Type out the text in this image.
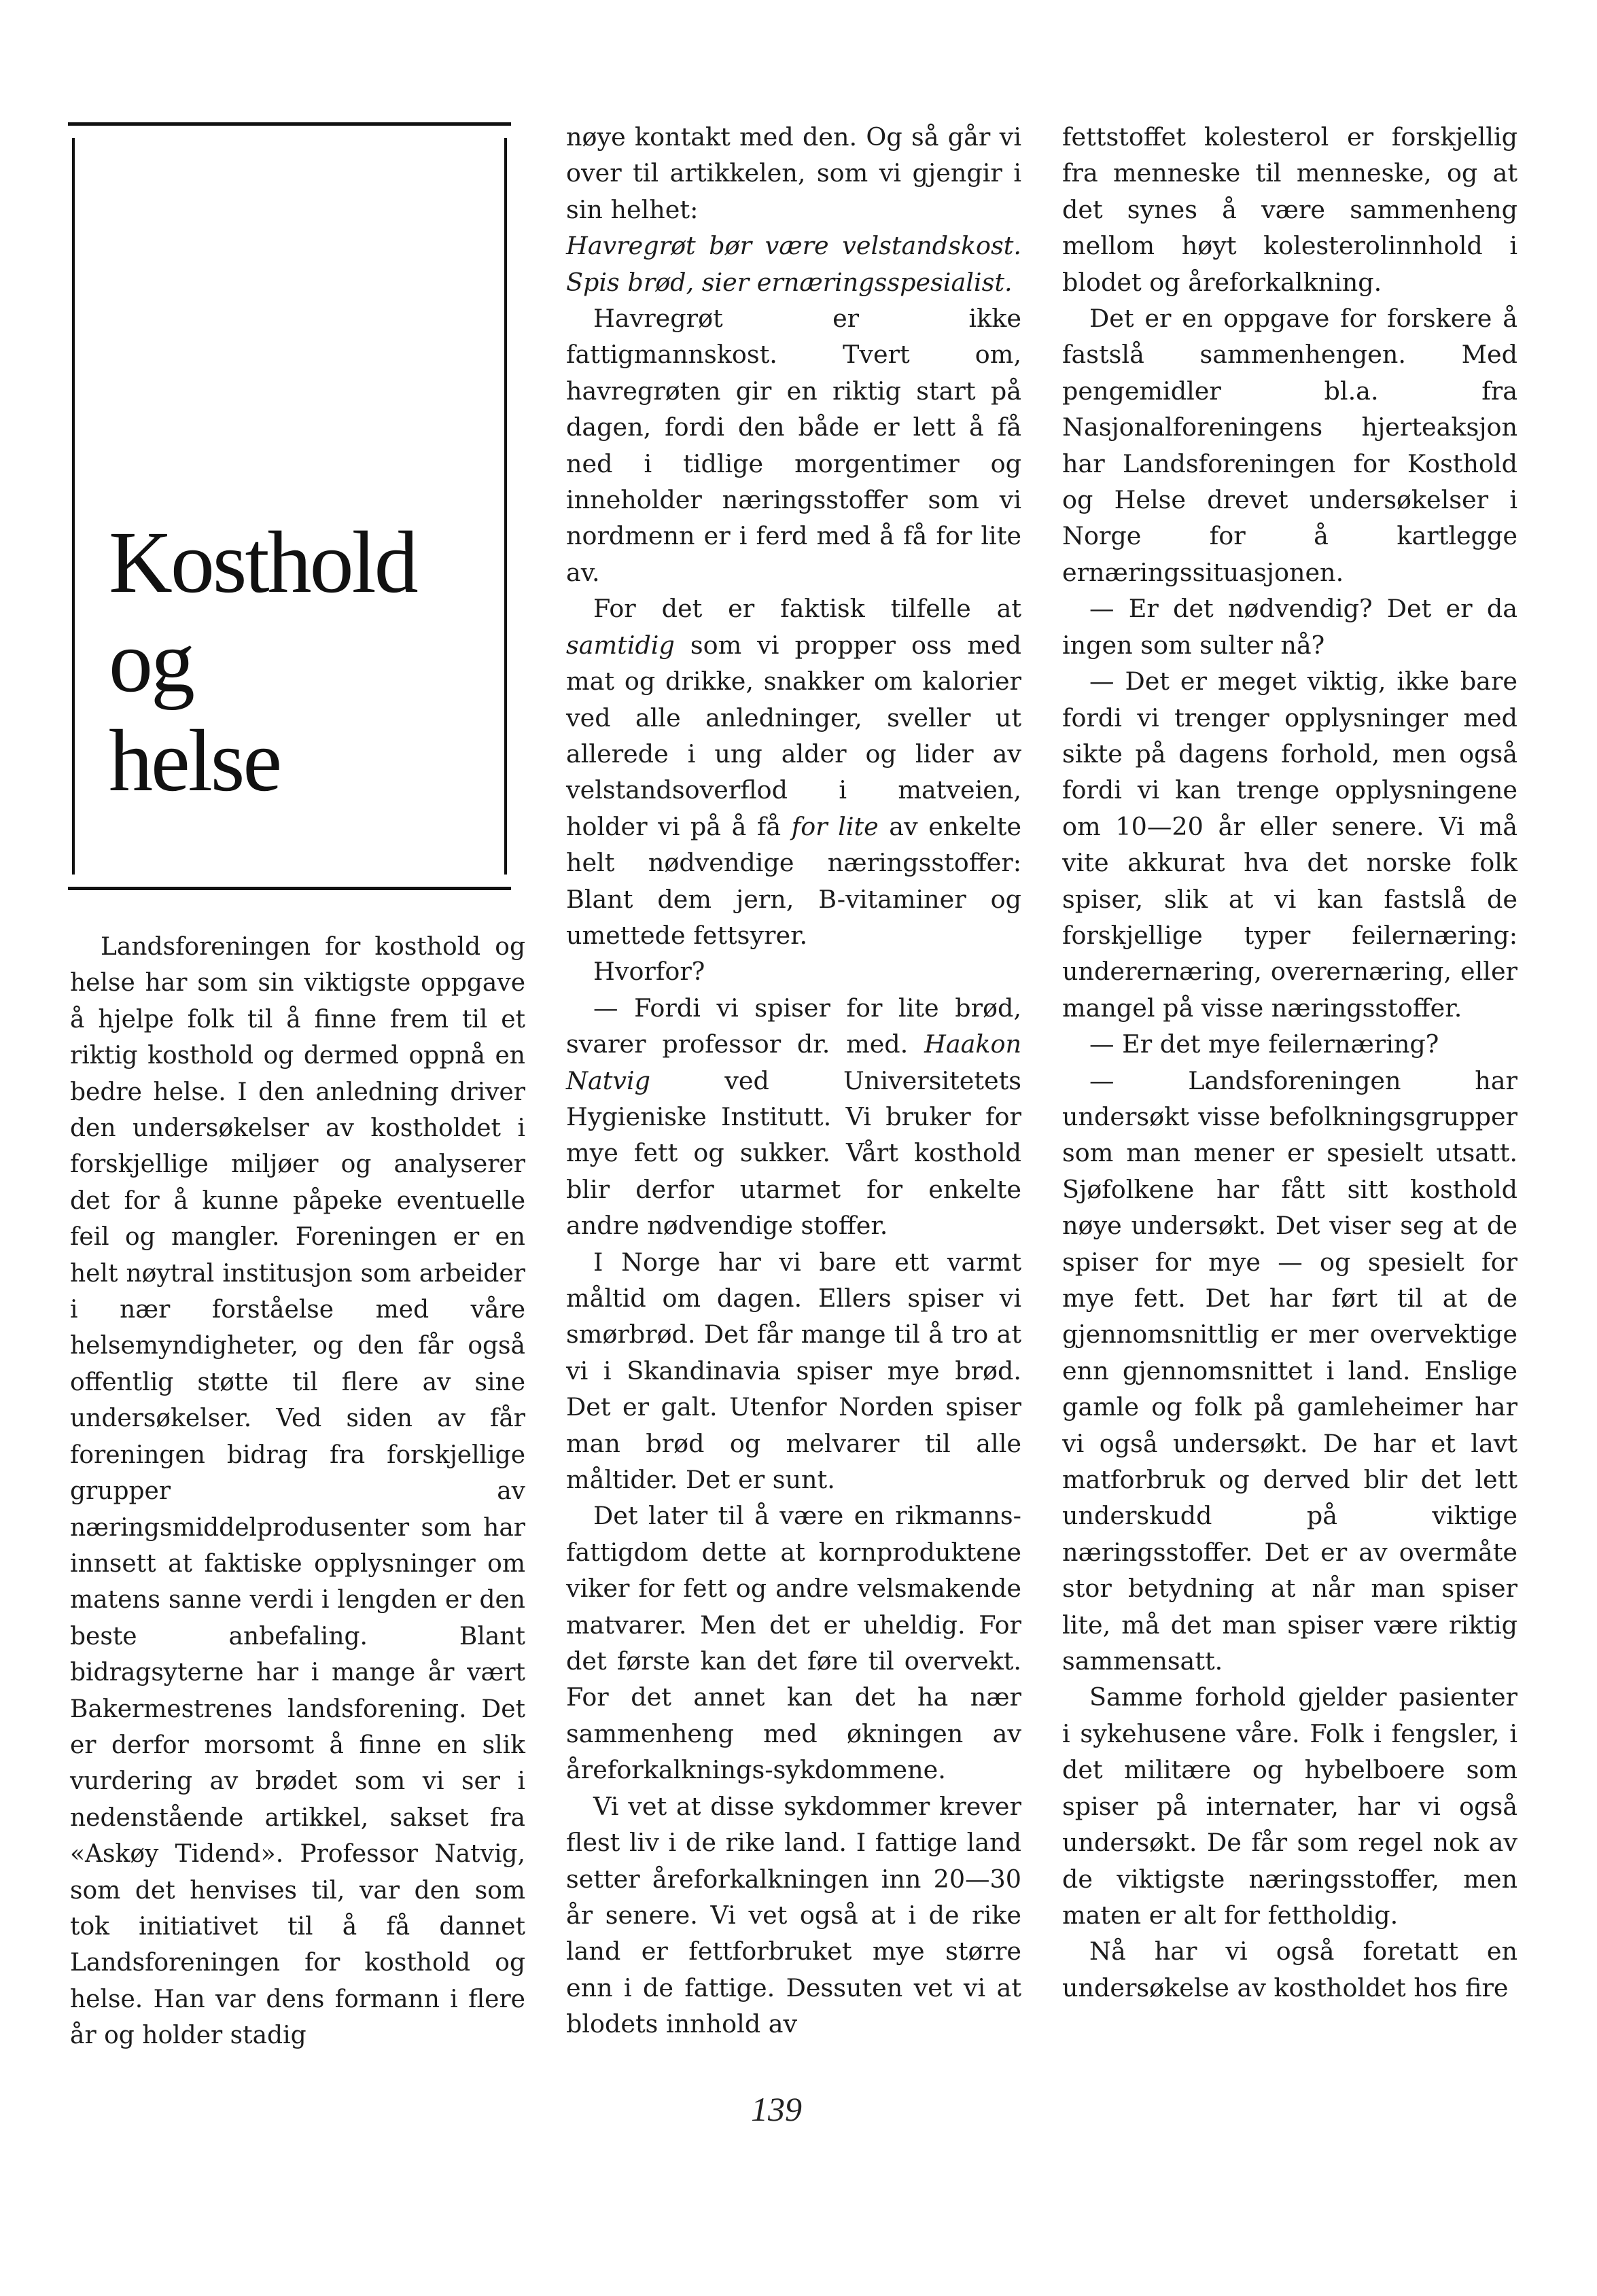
Kosthold
og
helse

Landsforeningen for kosthold og helse har som sin viktigste oppgave å hjelpe folk til å finne frem til et riktig kosthold og dermed oppnå en bedre helse. I den anledning driver den undersøkelser av kostholdet i forskjellige miljøer og analyserer det for å kunne påpeke eventuelle feil og mangler. Foreningen er en helt nøytral institusjon som arbeider i nær forståelse med våre helsemyndigheter, og den får også offentlig støtte til flere av sine undersøkelser. Ved siden av får foreningen bidrag fra forskjellige grupper av næringsmiddelprodusenter som har innsett at faktiske opplysninger om matens sanne verdi i lengden er den beste anbefaling. Blant bidragsyterne har i mange år vært Bakermestrenes landsforening. Det er derfor morsomt å finne en slik vurdering av brødet som vi ser i nedenstående artikkel, sakset fra «Askøy Tidend». Professor Natvig, som det henvises til, var den som tok initiativet til å få dannet Landsforeningen for kosthold og helse. Han var dens formann i flere år og holder stadig

nøye kontakt med den. Og så går vi over til artikkelen, som vi gjengir i sin helhet:

Havregrøt bør være velstandskost. Spis brød, sier ernæringsspesialist.

Havregrøt er ikke fattigmannskost. Tvert om, havregrøten gir en riktig start på dagen, fordi den både er lett å få ned i tidlige morgentimer og inneholder næringsstoffer som vi nordmenn er i ferd med å få for lite av.

For det er faktisk tilfelle at samtidig som vi propper oss med mat og drikke, snakker om kalorier ved alle anledninger, sveller ut allerede i ung alder og lider av velstandsoverflod i matveien, holder vi på å få for lite av enkelte helt nødvendige næringsstoffer: Blant dem jern, B-vitaminer og umettede fettsyrer.

Hvorfor?

— Fordi vi spiser for lite brød, svarer professor dr. med. Haakon Natvig	ved Universitetets Hygieniske Institutt. Vi bruker for mye fett og sukker. Vårt kosthold blir derfor utarmet for enkelte andre nødvendige stoffer.

I Norge har vi bare ett varmt måltid om dagen. Ellers spiser vi smørbrød. Det får mange til å tro at vi i Skandinavia spiser mye brød. Det er galt. Utenfor Norden spiser man brød og melvarer til alle måltider. Det er sunt.

Det later til å være en rikmanns-fattigdom dette at kornproduktene viker for fett og andre velsmakende matvarer. Men det er uheldig. For det første kan det føre til overvekt. For det annet kan det ha nær sammenheng med økningen av åreforkalknings-sykdommene.

Vi vet at disse sykdommer krever flest liv i de rike land. I fattige land setter åreforkalkningen inn 20—30 år senere. Vi vet også at i de rike land er fettforbruket mye større enn i de fattige. Dessuten vet vi at blodets innhold av

fettstoffet kolesterol er forskjellig fra menneske til menneske, og at det synes å være sammenheng mellom høyt kolesterolinnhold i blodet og åreforkalkning.

Det er en oppgave for forskere å fastslå sammenhengen. Med pengemidler bl.a. fra Nasjonalforeningens hjerteaksjon har Landsforeningen for Kosthold og Helse drevet undersøkelser i Norge for å kartlegge ernæringssituasjonen.

— Er det nødvendig? Det er da ingen som sulter nå?

— Det er meget viktig, ikke bare fordi vi trenger opplysninger med sikte på dagens forhold, men også fordi vi kan trenge opplysningene om 10—20 år eller senere. Vi må vite akkurat hva det norske folk spiser, slik at vi kan fastslå de forskjellige typer feilernæring: underernæring, overernæring, eller mangel på visse næringsstoffer.

— Er det mye feilernæring?

— Landsforeningen har undersøkt visse befolkningsgrupper som man mener er spesielt utsatt. Sjøfolkene har fått sitt kosthold nøye undersøkt. Det viser seg at de spiser for mye — og spesielt for mye fett. Det har ført til at de gjennomsnittlig er mer overvektige enn gjennomsnittet i land. Enslige gamle og folk på gamleheimer har vi også undersøkt. De har et lavt matforbruk og derved blir det lett underskudd på viktige næringsstoffer. Det er av overmåte stor betydning at når man spiser lite, må det man spiser være riktig sammensatt.

Samme forhold gjelder pasienter i sykehusene våre. Folk i fengsler, i det militære og hybelboere som spiser på internater, har vi også undersøkt. De får som regel nok av de viktigste næringsstoffer, men maten er alt for fettholdig.

Nå har vi også foretatt en undersøkelse av kostholdet hos fire

139
